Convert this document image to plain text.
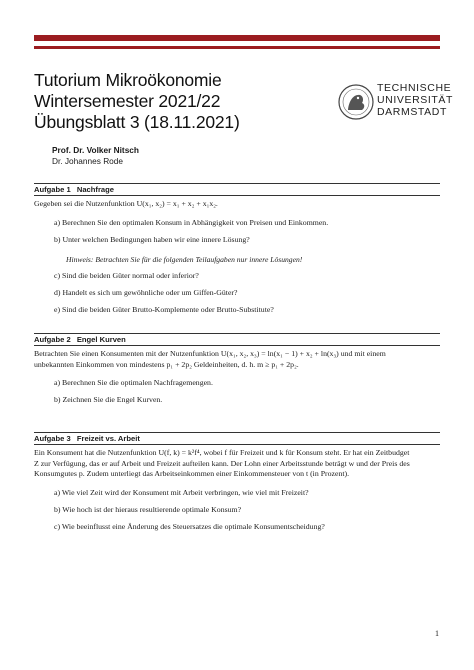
Tutorium Mikroökonomie
Wintersemester 2021/22
Übungsblatt 3 (18.11.2021)
TECHNISCHE
UNIVERSITÄT
DARMSTADT
Prof. Dr. Volker Nitsch
Dr. Johannes Rode
Aufgabe 1 Nachfrage
Gegeben sei die Nutzenfunktion U(x₁, x₂) = x₁ + x₂ + x₁x₂.
a) Berechnen Sie den optimalen Konsum in Abhängigkeit von Preisen und Einkommen.
b) Unter welchen Bedingungen haben wir eine innere Lösung?
Hinweis: Betrachten Sie für die folgenden Teilaufgaben nur innere Lösungen!
c) Sind die beiden Güter normal oder inferior?
d) Handelt es sich um gewöhnliche oder um Giffen-Güter?
e) Sind die beiden Güter Brutto-Komplemente oder Brutto-Substitute?
Aufgabe 2 Engel Kurven
Betrachten Sie einen Konsumenten mit der Nutzenfunktion U(x₁, x₂, x₃) = ln(x₁ − 1) + x₂ + ln(x₃) und mit einem
unbekannten Einkommen von mindestens p₁ + 2p₂ Geldeinheiten, d. h. m ≥ p₁ + 2p₂.
a) Berechnen Sie die optimalen Nachfragemengen.
b) Zeichnen Sie die Engel Kurven.
Aufgabe 3 Freizeit vs. Arbeit
Ein Konsument hat die Nutzenfunktion U(f, k) = k²f⁴, wobei f für Freizeit und k für Konsum steht. Er hat ein Zeitbudget
Z zur Verfügung, das er auf Arbeit und Freizeit aufteilen kann. Der Lohn einer Arbeitsstunde beträgt w und der Preis des
Konsumgutes p. Zudem unterliegt das Arbeitseinkommen einer Einkommensteuer von t (in Prozent).
a) Wie viel Zeit wird der Konsument mit Arbeit verbringen, wie viel mit Freizeit?
b) Wie hoch ist der hieraus resultierende optimale Konsum?
c) Wie beeinflusst eine Änderung des Steuersatzes die optimale Konsumentscheidung?
1
